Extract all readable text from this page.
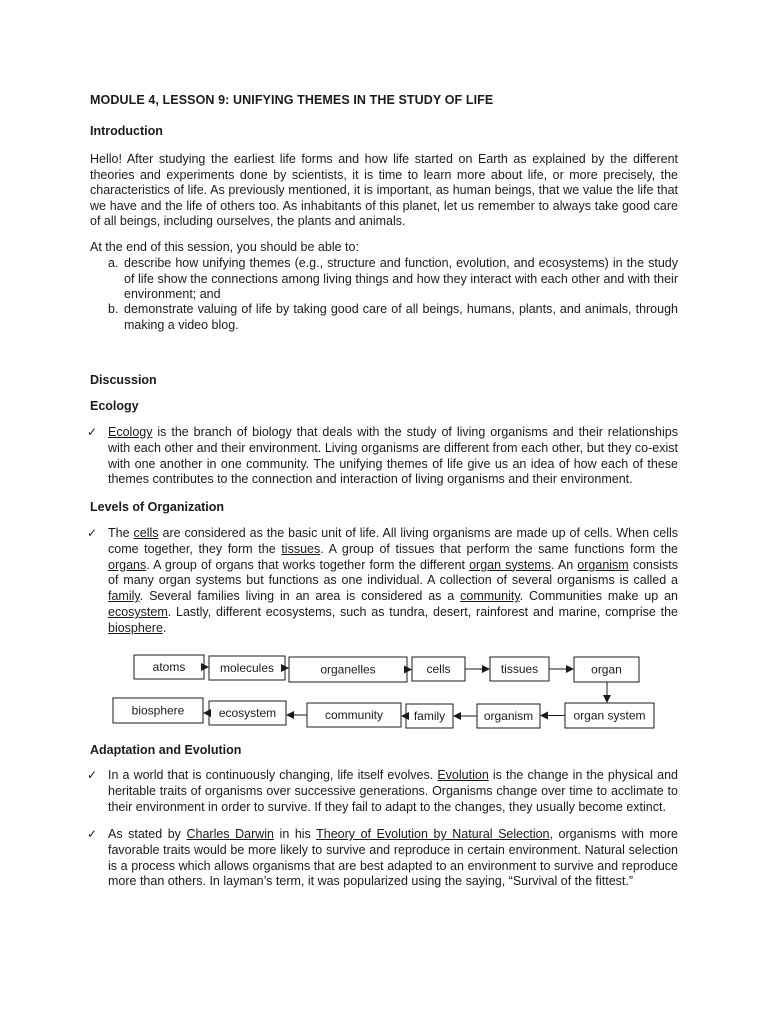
MODULE 4, LESSON 9: UNIFYING THEMES IN THE STUDY OF LIFE
Introduction
Hello! After studying the earliest life forms and how life started on Earth as explained by the different theories and experiments done by scientists, it is time to learn more about life, or more precisely, the characteristics of life. As previously mentioned, it is important, as human beings, that we value the life that we have and the life of others too. As inhabitants of this planet, let us remember to always take good care of all beings, including ourselves, the plants and animals.
At the end of this session, you should be able to:
a. describe how unifying themes (e.g., structure and function, evolution, and ecosystems) in the study of life show the connections among living things and how they interact with each other and with their environment; and
b. demonstrate valuing of life by taking good care of all beings, humans, plants, and animals, through making a video blog.
Discussion
Ecology
✓ Ecology is the branch of biology that deals with the study of living organisms and their relationships with each other and their environment. Living organisms are different from each other, but they co-exist with one another in one community. The unifying themes of life give us an idea of how each of these themes contributes to the connection and interaction of living organisms and their environment.
Levels of Organization
✓ The cells are considered as the basic unit of life. All living organisms are made up of cells. When cells come together, they form the tissues. A group of tissues that perform the same functions form the organs. A group of organs that works together form the different organ systems. An organism consists of many organ systems but functions as one individual. A collection of several organisms is called a family. Several families living in an area is considered as a community. Communities make up an ecosystem. Lastly, different ecosystems, such as tundra, desert, rainforest and marine, comprise the biosphere.
atoms	molecules	organelles	cells	tissues	organ
biosphere	ecosystem	community	family	organism	organ system
Adaptation and Evolution
✓ In a world that is continuously changing, life itself evolves. Evolution is the change in the physical and heritable traits of organisms over successive generations. Organisms change over time to acclimate to their environment in order to survive. If they fail to adapt to the changes, they usually become extinct.
✓ As stated by Charles Darwin in his Theory of Evolution by Natural Selection, organisms with more favorable traits would be more likely to survive and reproduce in certain environment. Natural selection is a process which allows organisms that are best adapted to an environment to survive and reproduce more than others. In layman’s term, it was popularized using the saying, “Survival of the fittest.”
